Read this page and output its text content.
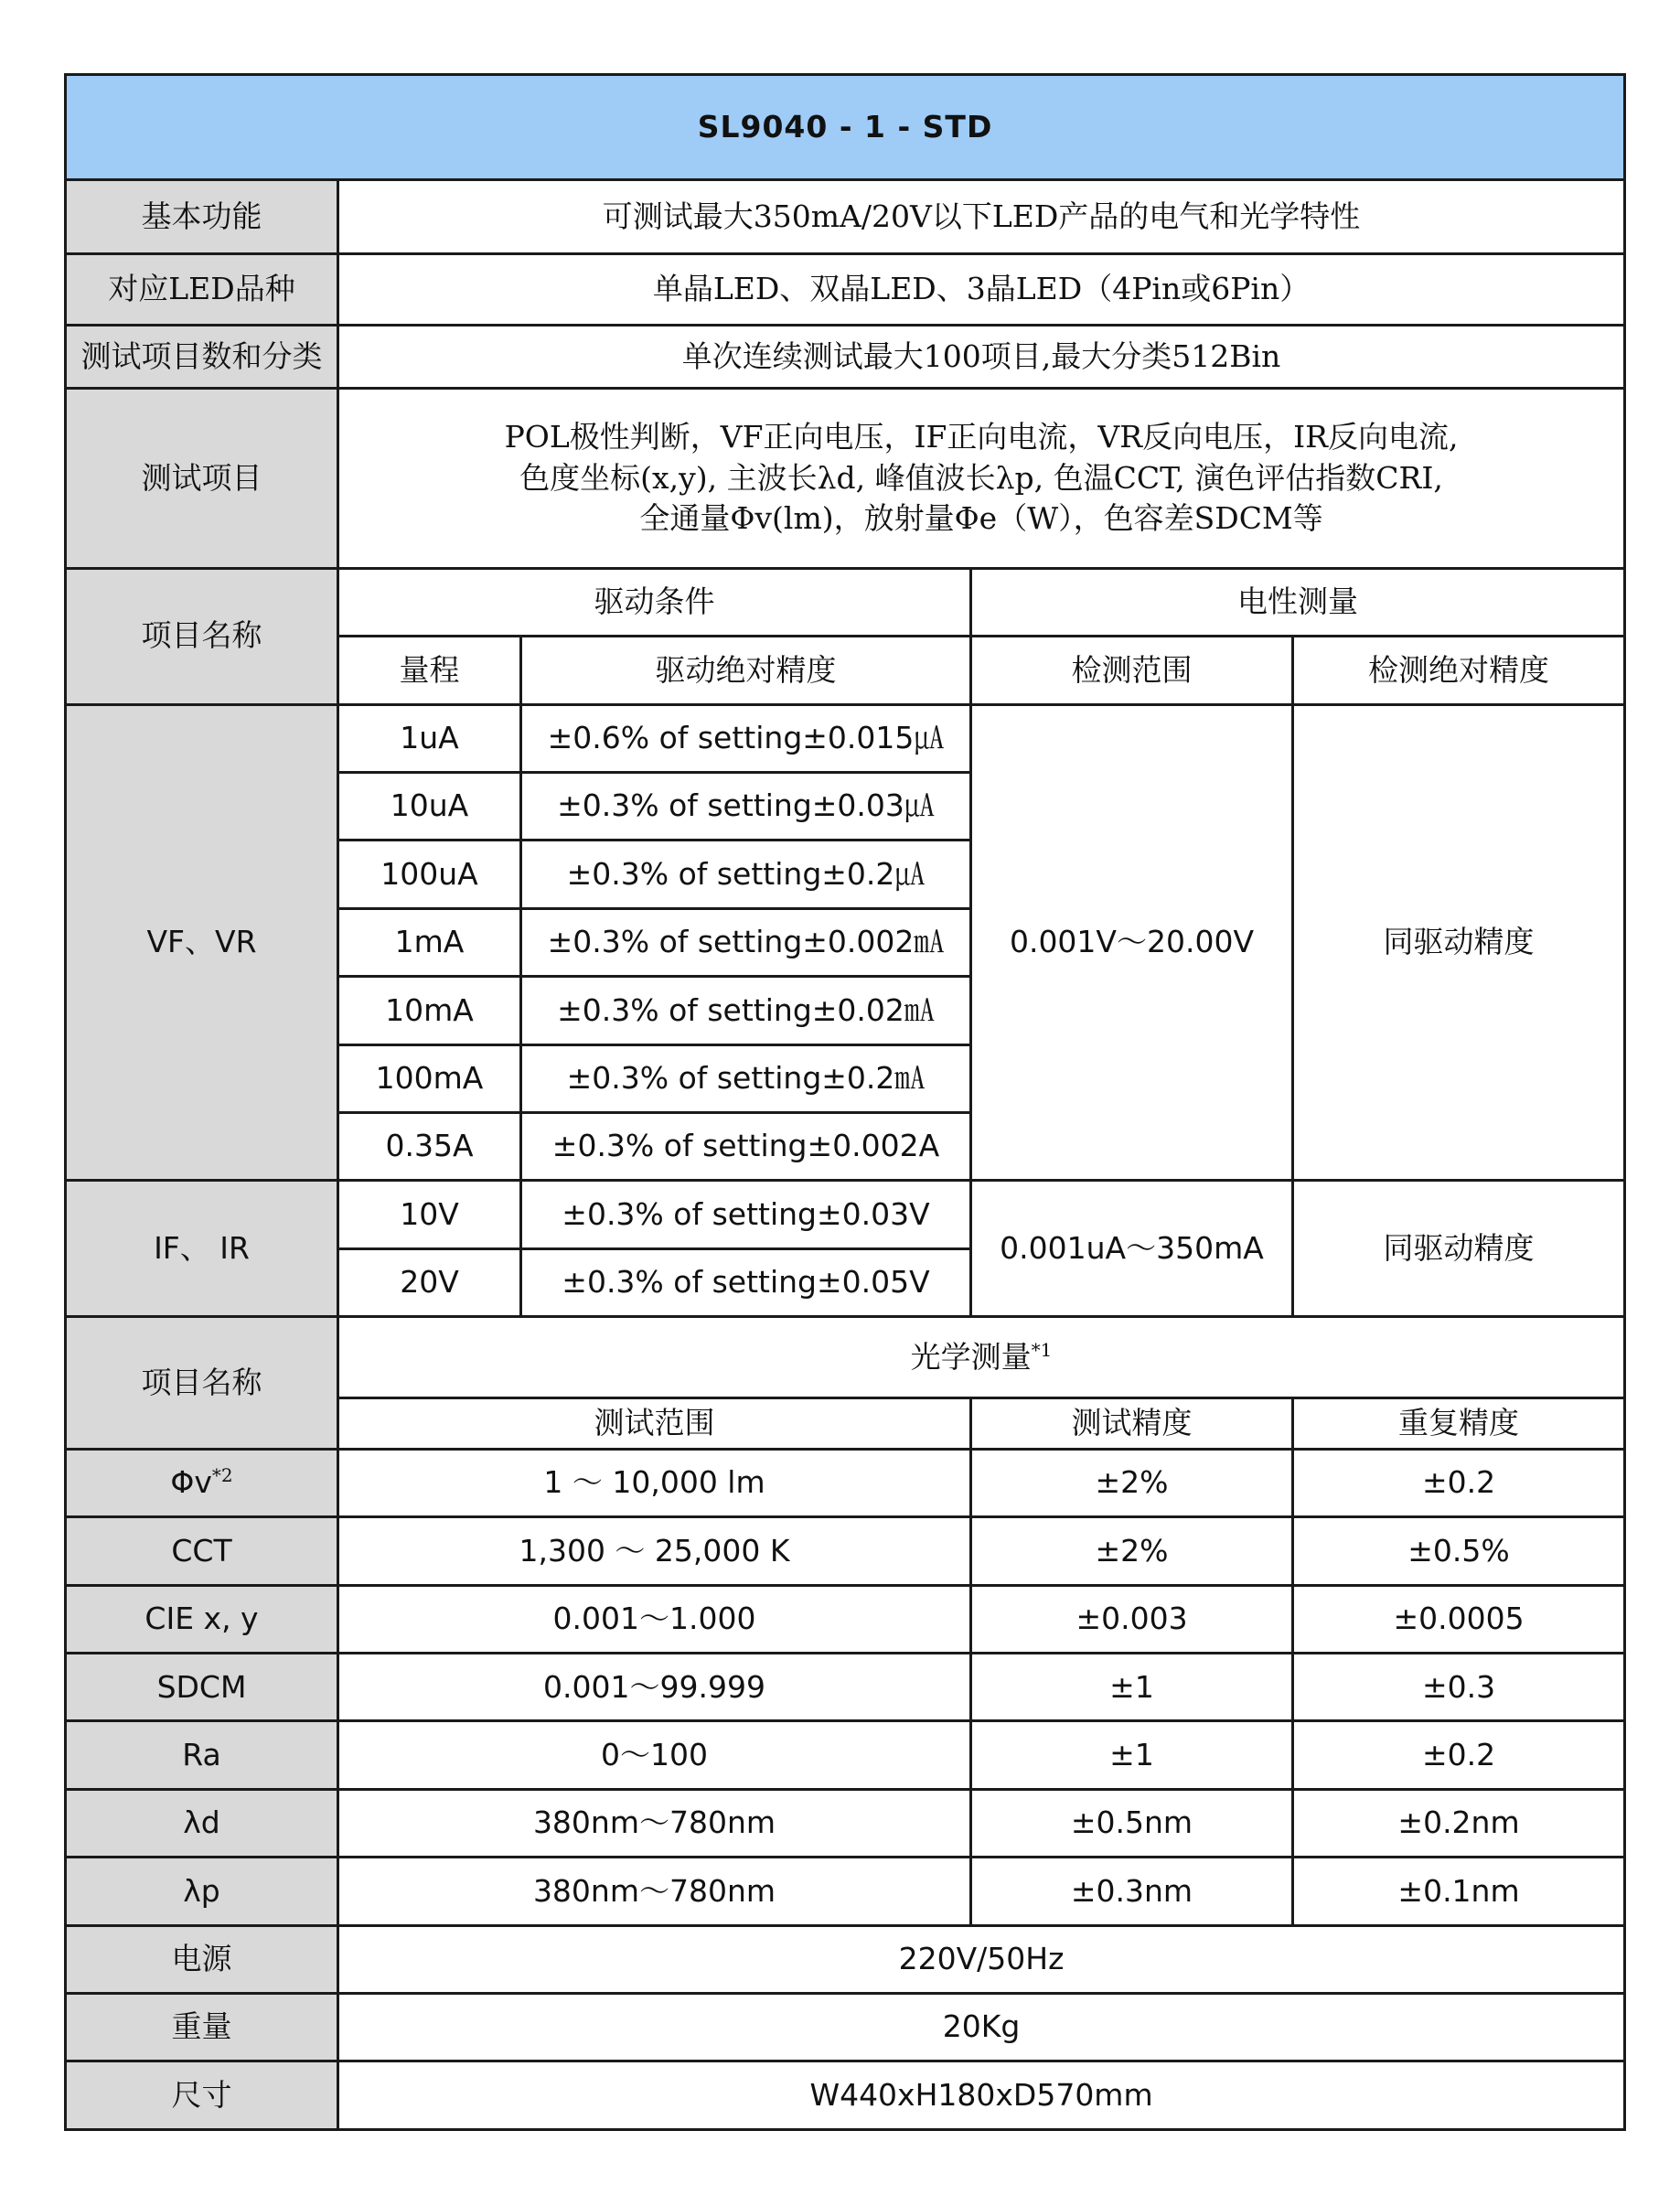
SL9040 - 1 - STD				
基本功能	可测试最大350mA/20V以下LED产品的电气和光学特性			
对应LED品种	单晶LED、双晶LED、3晶LED（4Pin或6Pin）			
测试项目数和分类	单次连续测试最大100项目,最大分类512Bin			
测试项目	POL极性判断，VF正向电压，IF正向电流，VR反向电压，IR反向电流,
色度坐标(x,y), 主波长λd, 峰值波长λp, 色温CCT, 演色评估指数CRI,
全通量Φv(lm)，放射量Φe（W），色容差SDCM等			

项目名称	驱动条件		电性测量	
	量程	驱动绝对精度	检测范围	检测绝对精度
VF、VR	1uA	±0.6% of setting±0.015㎂	0.001V～20.00V	同驱动精度
	10uA	±0.3% of setting±0.03㎂		
	100uA	±0.3% of setting±0.2㎂		
	1mA	±0.3% of setting±0.002㎃		
	10mA	±0.3% of setting±0.02㎃		
	100mA	±0.3% of setting±0.2㎃		
	0.35A	±0.3% of setting±0.002A		
IF、 IR	10V	±0.3% of setting±0.03V	0.001uA～350mA	同驱动精度
	20V	±0.3% of setting±0.05V		
项目名称	光学测量$^{*1}$
	测试范围		测试精度	重复精度
$\Phi v^{*2}$	1 ～ 10,000 lm		±2%	±0.2
CCT	1,300 ～ 25,000 K		±2%	±0.5%
CIE x, y	0.001～1.000		±0.003	±0.0005
SDCM	0.001～99.999		±1	±0.3
Ra	0～100		±1	±0.2
λd	380nm～780nm		±0.5nm	±0.2nm
λp	380nm～780nm		±0.3nm	±0.1nm
电源	220V/50Hz			
重量	20Kg			
尺寸	W440xH180xD570mm			
